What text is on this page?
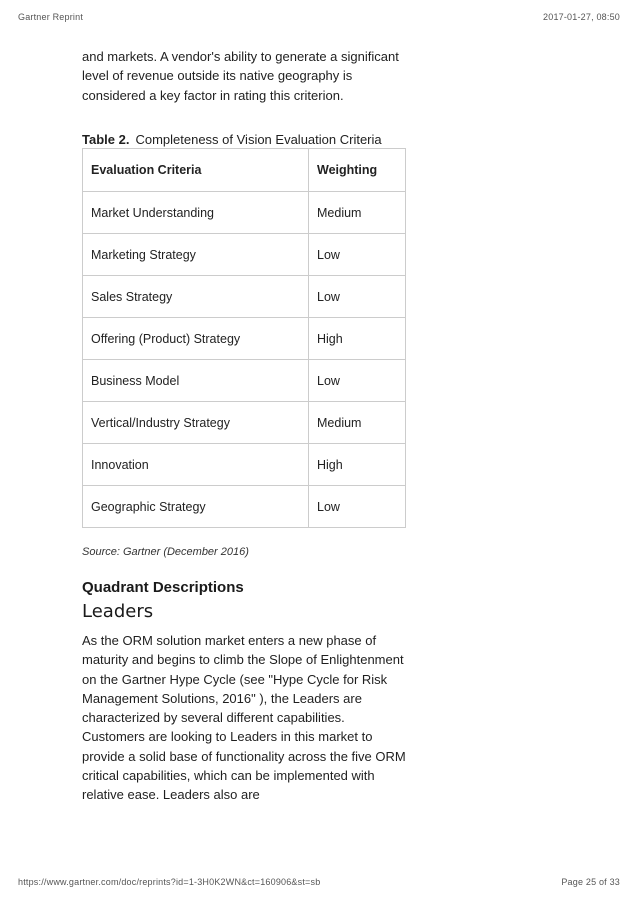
Gartner Reprint	2017-01-27, 08:50
and markets. A vendor's ability to generate a significant level of revenue outside its native geography is considered a key factor in rating this criterion.
Table 2. Completeness of Vision Evaluation Criteria
Evaluation Criteria	Weighting
Market Understanding	Medium
Marketing Strategy	Low
Sales Strategy	Low
Offering (Product) Strategy	High
Business Model	Low
Vertical/Industry Strategy	Medium
Innovation	High
Geographic Strategy	Low
Source: Gartner (December 2016)
Quadrant Descriptions
Leaders
As the ORM solution market enters a new phase of maturity and begins to climb the Slope of Enlightenment on the Gartner Hype Cycle (see "Hype Cycle for Risk Management Solutions, 2016" ), the Leaders are characterized by several different capabilities. Customers are looking to Leaders in this market to provide a solid base of functionality across the five ORM critical capabilities, which can be implemented with relative ease. Leaders also are
https://www.gartner.com/doc/reprints?id=1-3H0K2WN&ct=160906&st=sb	Page 25 of 33
